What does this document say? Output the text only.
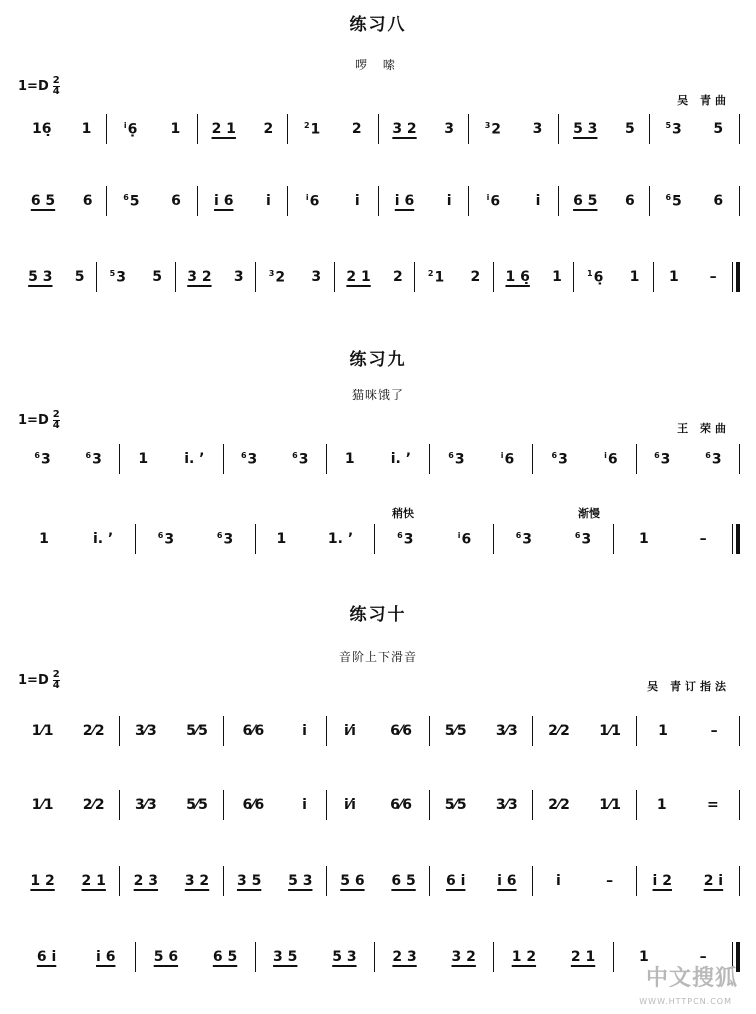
练习八
啰 嗦
$1=D \frac{2}{4}$
吴 青曲
16̣ 1	$^i$6̣ 1 2 1 2	$^2$1 2 3 2 3	$^3$2 3 5 3 5	$^5$3 5
6 5 6	$^6$5 6 i 6 i	$^i$6	i	i 6 i	$^i$6	i 6 5 6	$^6$5 6
5 3 5	$^5$3 5 3 2 3	$^3$2 3 2 1 2	$^2$1 2 1 6̣ 1	$^1$6̣ 1 1 –
练习九
猫咪饿了
$1=D \frac{2}{4}$	王 荣曲
$^6$3	$^6$3	1	i. ’	$^6$3	$^6$3	1	i. ’	$^6$3	$^i$6	$^6$3	$^i$6	$^6$3	$^6$3
稍快	渐慢
1	i. ’	$^6$3	$^6$3	1	1. ’	$^6$3	$^i$6	$^6$3	$^6$3	1	–
练习十
音阶上下滑音
$1=D \frac{2}{4}$	吴 青订指法
1⁄1 2⁄2 3⁄3 5⁄5 6⁄6	i	i⁄i 6⁄6 5⁄5 3⁄3 2⁄2 1⁄1	1	–
1⁄1 2⁄2 3⁄3 5⁄5 6⁄6	i	i⁄i 6⁄6 5⁄5 3⁄3 2⁄2 1⁄1	1	=
1 2 2 1 2 3 3 2 3 5 5 3 5 6 6 5 6 i i 6	i	–	i 2 2 i
6 i	i 6	5 6 6 5	3 5 5 3	2 3 3 2	1 2 2 1	1	–
中文搜狐
WWW.HTTPCN.COM
